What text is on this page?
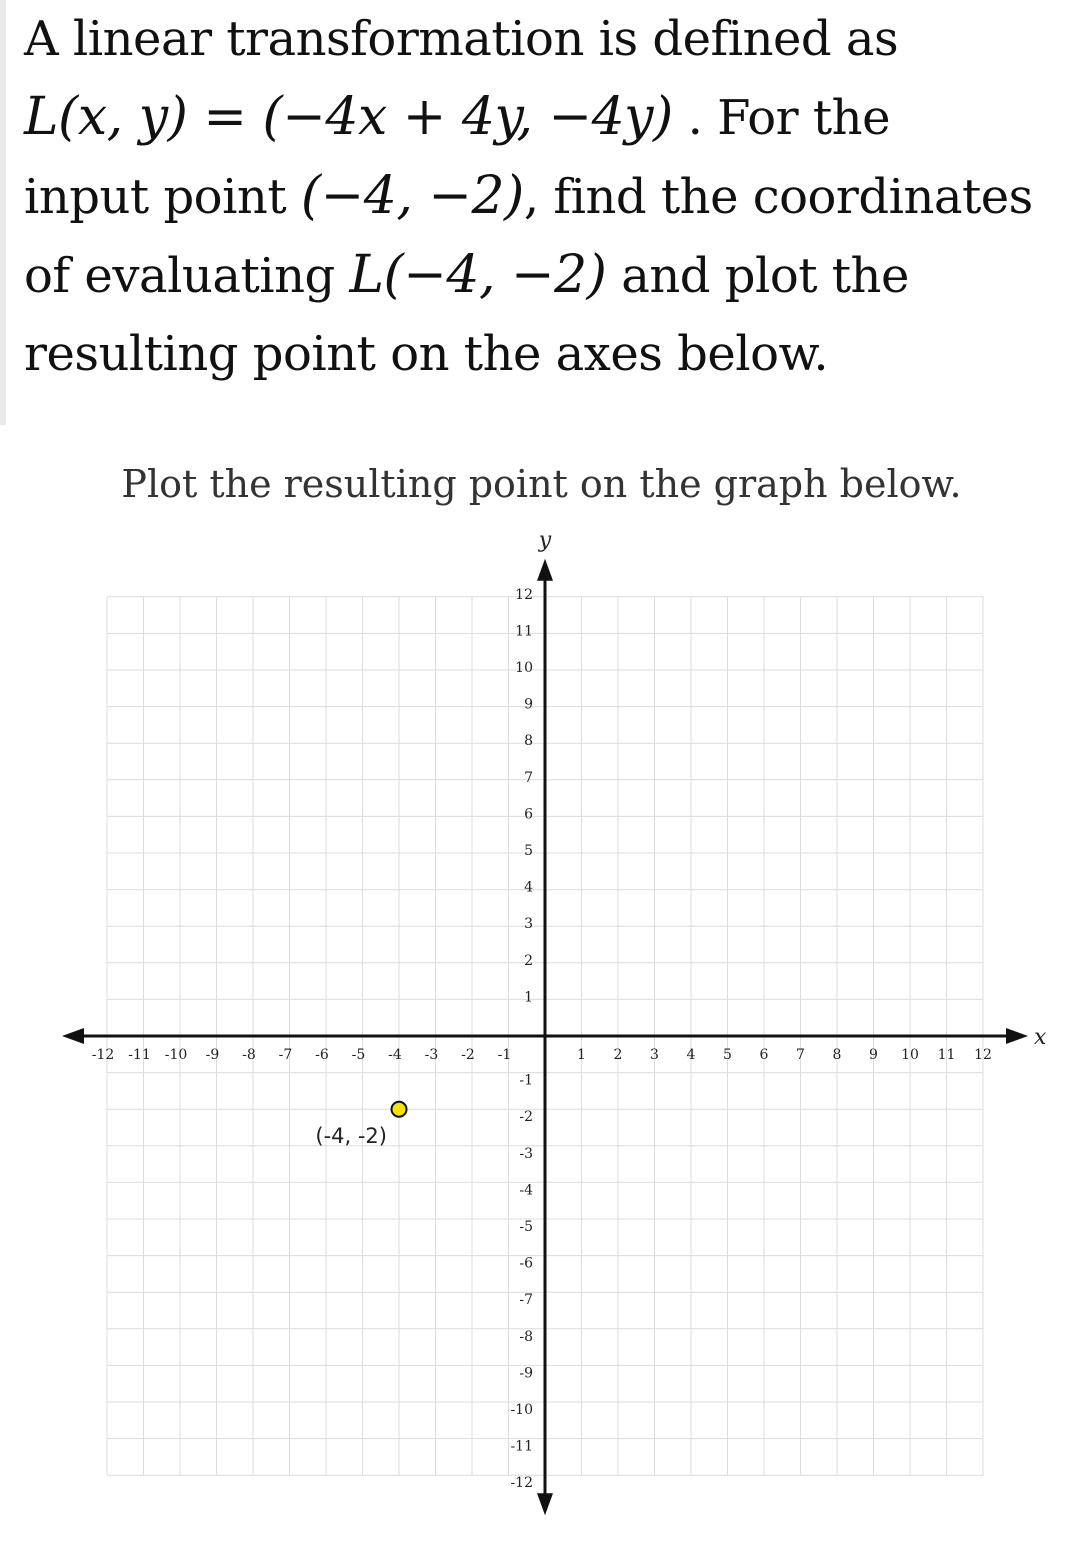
A linear transformation is defined as
L(x, y) = (−4x + 4y, −4y) . For the
input point (−4, −2), find the coordinates
of evaluating L(−4, −2) and plot the
resulting point on the axes below.
Plot the resulting point on the graph below.
x
y
-12 -11 -10 -9 -8 -7 -6 -5 -4 -3 -2 -1	1 2 3 4 5 6 7 8 9 10 11 12
12
11
10
9
8
7
6
5
4
3
2
1
-1
-2
-3
-4
-5
-6
-7
-8
-9
-10
-11
-12
(-4, -2)
